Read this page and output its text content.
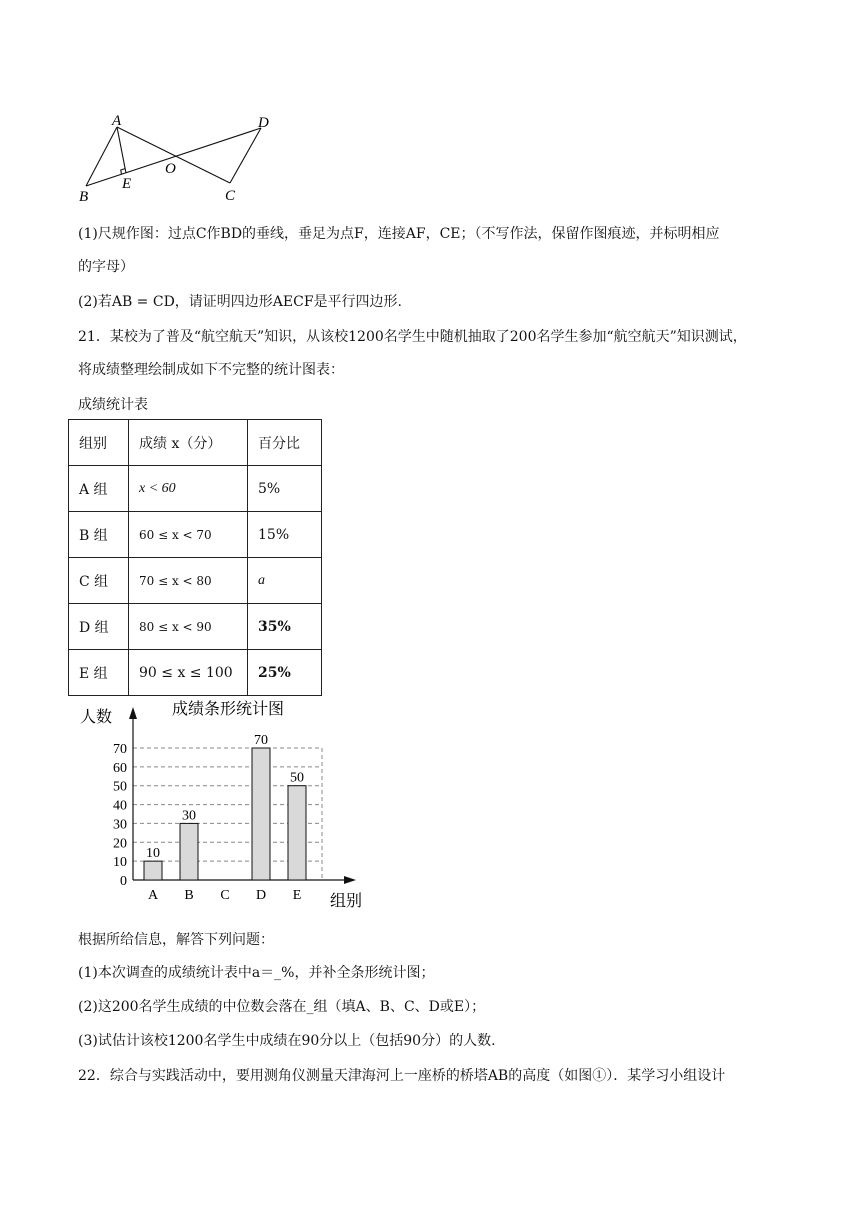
A	D
E
O
B	C
(1)尺规作图：过点C作BD的垂线，垂足为点F，连接AF，CE；（不写作法，保留作图痕迹，并标明相应
的字母）
(2)若AB = CD，请证明四边形AECF是平行四边形.
21．某校为了普及“航空航天”知识，从该校1200名学生中随机抽取了200名学生参加“航空航天”知识测试，
将成绩整理绘制成如下不完整的统计图表：
成绩统计表
组别	成绩 x（分）	百分比
A 组	x < 60	5%
B 组	60 ≤ x < 70	15%
C 组	70 ≤ x < 80	a
D 组	80 ≤ x < 90	35%
E 组	90 ≤ x ≤ 100	25%
成绩条形统计图
人数
组别
0
10
20
30
40
50
60
70
10
A
30
B C
70
D
50
E
根据所给信息，解答下列问题：
(1)本次调查的成绩统计表中a＝_%，并补全条形统计图；
(2)这200名学生成绩的中位数会落在_组（填A、B、C、D或E）；
(3)试估计该校1200名学生中成绩在90分以上（包括90分）的人数.
22．综合与实践活动中，要用测角仪测量天津海河上一座桥的桥塔AB的高度（如图①）．某学习小组设计
